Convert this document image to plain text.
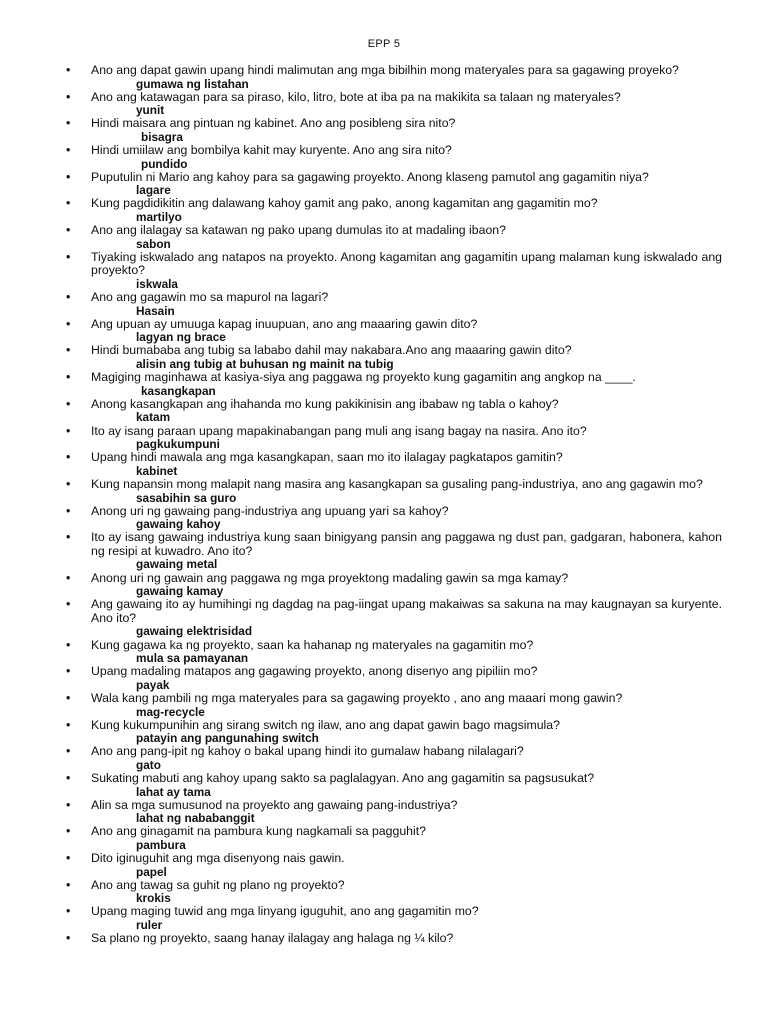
EPP 5
• Ano ang dapat gawin upang hindi malimutan ang mga bibilhin mong materyales para sa gagawing proyeko?
gumawa ng listahan
• Ano ang katawagan para sa piraso, kilo, litro, bote at iba pa na makikita sa talaan ng materyales?
yunit
• Hindi maisara ang pintuan ng kabinet. Ano ang posibleng sira nito?
bisagra
• Hindi umiilaw ang bombilya kahit may kuryente. Ano ang sira nito?
pundido
• Puputulin ni Mario ang kahoy para sa gagawing proyekto. Anong klaseng pamutol ang gagamitin niya?
lagare
• Kung pagdidikitin ang dalawang kahoy gamit ang pako, anong kagamitan ang gagamitin mo?
martilyo
• Ano ang ilalagay sa katawan ng pako upang dumulas ito at madaling ibaon?
sabon
• Tiyaking iskwalado ang natapos na proyekto. Anong kagamitan ang gagamitin upang malaman kung iskwalado ang proyekto?
iskwala
• Ano ang gagawin mo sa mapurol na lagari?
Hasain
• Ang upuan ay umuuga kapag inuupuan, ano ang maaaring gawin dito?
lagyan ng brace
• Hindi bumababa ang tubig sa lababo dahil may nakabara.Ano ang maaaring gawin dito?
alisin ang tubig at buhusan ng mainit na tubig
• Magiging maginhawa at kasiya-siya ang paggawa ng proyekto kung gagamitin ang angkop na ____.
kasangkapan
• Anong kasangkapan ang ihahanda mo kung pakikinisin ang ibabaw ng tabla o kahoy?
katam
• Ito ay isang paraan upang mapakinabangan pang muli ang isang bagay na nasira. Ano ito?
pagkukumpuni
• Upang hindi mawala ang mga kasangkapan, saan mo ito ilalagay pagkatapos gamitin?
kabinet
• Kung napansin mong malapit nang masira ang kasangkapan sa gusaling pang-industriya, ano ang gagawin mo?
sasabihin sa guro
• Anong uri ng gawaing pang-industriya ang upuang yari sa kahoy?
gawaing kahoy
• Ito ay isang gawaing industriya kung saan binigyang pansin ang paggawa ng dust pan, gadgaran, habonera, kahon ng resipi at kuwadro. Ano ito?
gawaing metal
• Anong uri ng gawain ang paggawa ng mga proyektong madaling gawin sa mga kamay?
gawaing kamay
• Ang gawaing ito ay humihingi ng dagdag na pag-iingat upang makaiwas sa sakuna na may kaugnayan sa kuryente. Ano ito?
gawaing elektrisidad
• Kung gagawa ka ng proyekto, saan ka hahanap ng materyales na gagamitin mo?
mula sa pamayanan
• Upang madaling matapos ang gagawing proyekto, anong disenyo ang pipiliin mo?
payak
• Wala kang pambili ng mga materyales para sa gagawing proyekto , ano ang maaari mong gawin?
mag-recycle
• Kung kukumpunihin ang sirang switch ng ilaw, ano ang dapat gawin bago magsimula?
patayin ang pangunahing switch
• Ano ang pang-ipit ng kahoy o bakal upang hindi ito gumalaw habang nilalagari?
gato
• Sukating mabuti ang kahoy upang sakto sa paglalagyan. Ano ang gagamitin sa pagsusukat?
lahat ay tama
• Alin sa mga sumusunod na proyekto ang gawaing pang-industriya?
lahat ng nababanggit
• Ano ang ginagamit na pambura kung nagkamali sa pagguhit?
pambura
• Dito iginuguhit ang mga disenyong nais gawin.
papel
• Ano ang tawag sa guhit ng plano ng proyekto?
krokis
• Upang maging tuwid ang mga linyang iguguhit, ano ang gagamitin mo?
ruler
• Sa plano ng proyekto, saang hanay ilalagay ang halaga ng ¼ kilo?
